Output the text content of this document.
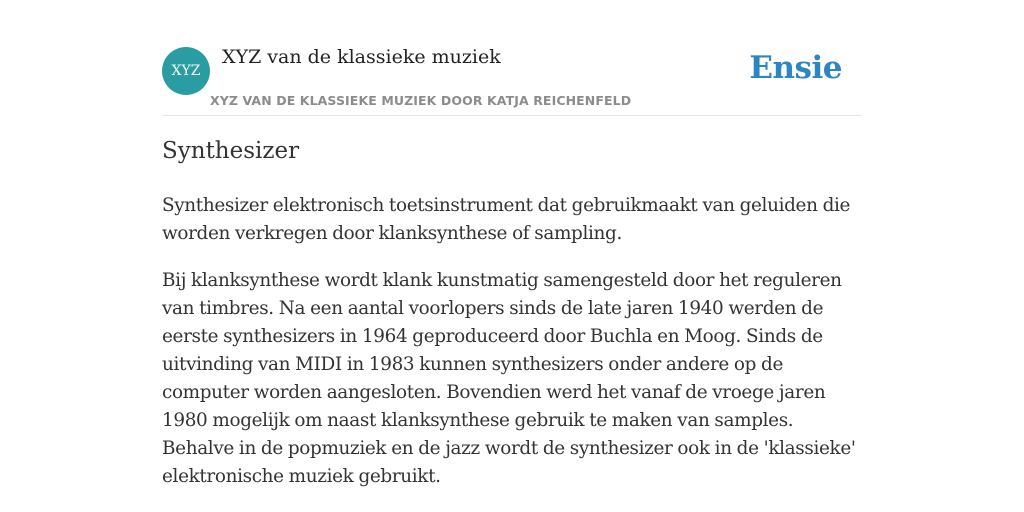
XYZ
XYZ van de klassieke muziek
XYZ VAN DE KLASSIEKE MUZIEK DOOR KATJA REICHENFELD
Ensie
Synthesizer

Synthesizer elektronisch toetsinstrument dat gebruikmaakt van geluiden die worden verkregen door klanksynthese of sampling.

Bij klanksynthese wordt klank kunstmatig samengesteld door het reguleren van timbres. Na een aantal voorlopers sinds de late jaren 1940 werden de eerste synthesizers in 1964 geproduceerd door Buchla en Moog. Sinds de uitvinding van MIDI in 1983 kunnen synthesizers onder andere op de computer worden aangesloten. Bovendien werd het vanaf de vroege jaren 1980 mogelijk om naast klanksynthese gebruik te maken van samples. Behalve in de popmuziek en de jazz wordt de synthesizer ook in de 'klassieke' elektronische muziek gebruikt.
